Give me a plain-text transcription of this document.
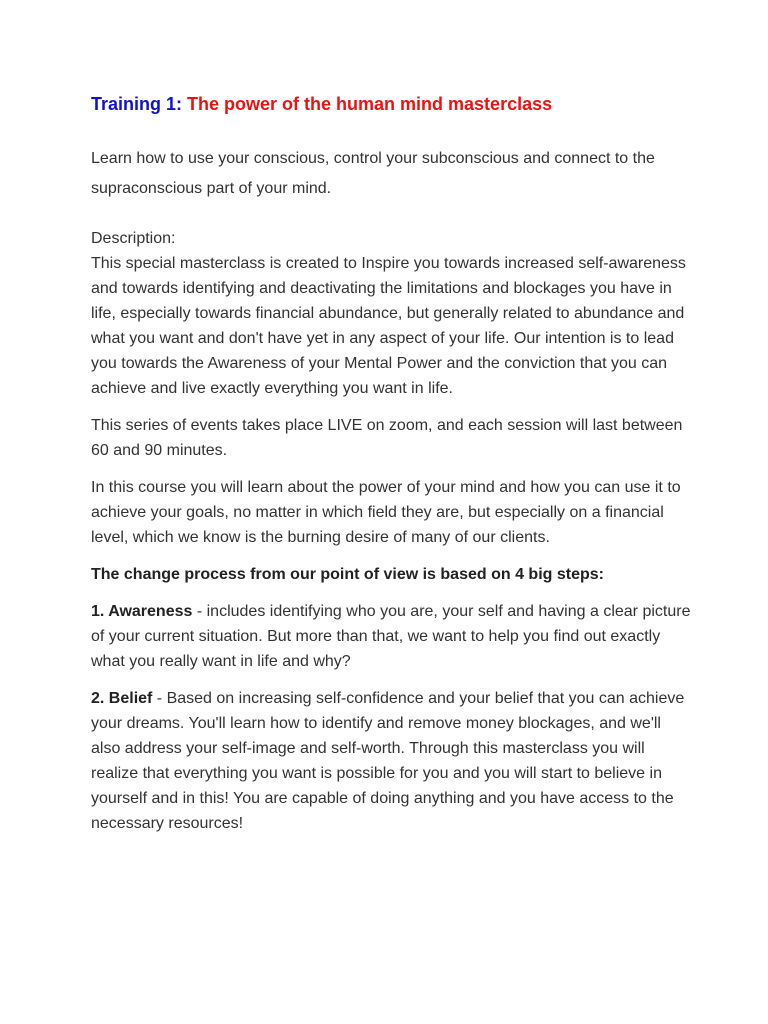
Training 1: The power of the human mind masterclass

Learn how to use your conscious, control your subconscious and connect to the supraconscious part of your mind.

Description:

This special masterclass is created to Inspire you towards increased self-awareness and towards identifying and deactivating the limitations and blockages you have in life, especially towards financial abundance, but generally related to abundance and what you want and don't have yet in any aspect of your life. Our intention is to lead you towards the Awareness of your Mental Power and the conviction that you can achieve and live exactly everything you want in life.

This series of events takes place LIVE on zoom, and each session will last between 60 and 90 minutes.

In this course you will learn about the power of your mind and how you can use it to achieve your goals, no matter in which field they are, but especially on a financial level, which we know is the burning desire of many of our clients.

The change process from our point of view is based on 4 big steps:

1. Awareness - includes identifying who you are, your self and having a clear picture of your current situation. But more than that, we want to help you find out exactly what you really want in life and why?

2. Belief - Based on increasing self-confidence and your belief that you can achieve your dreams. You'll learn how to identify and remove money blockages, and we'll also address your self-image and self-worth. Through this masterclass you will realize that everything you want is possible for you and you will start to believe in yourself and in this! You are capable of doing anything and you have access to the necessary resources!
